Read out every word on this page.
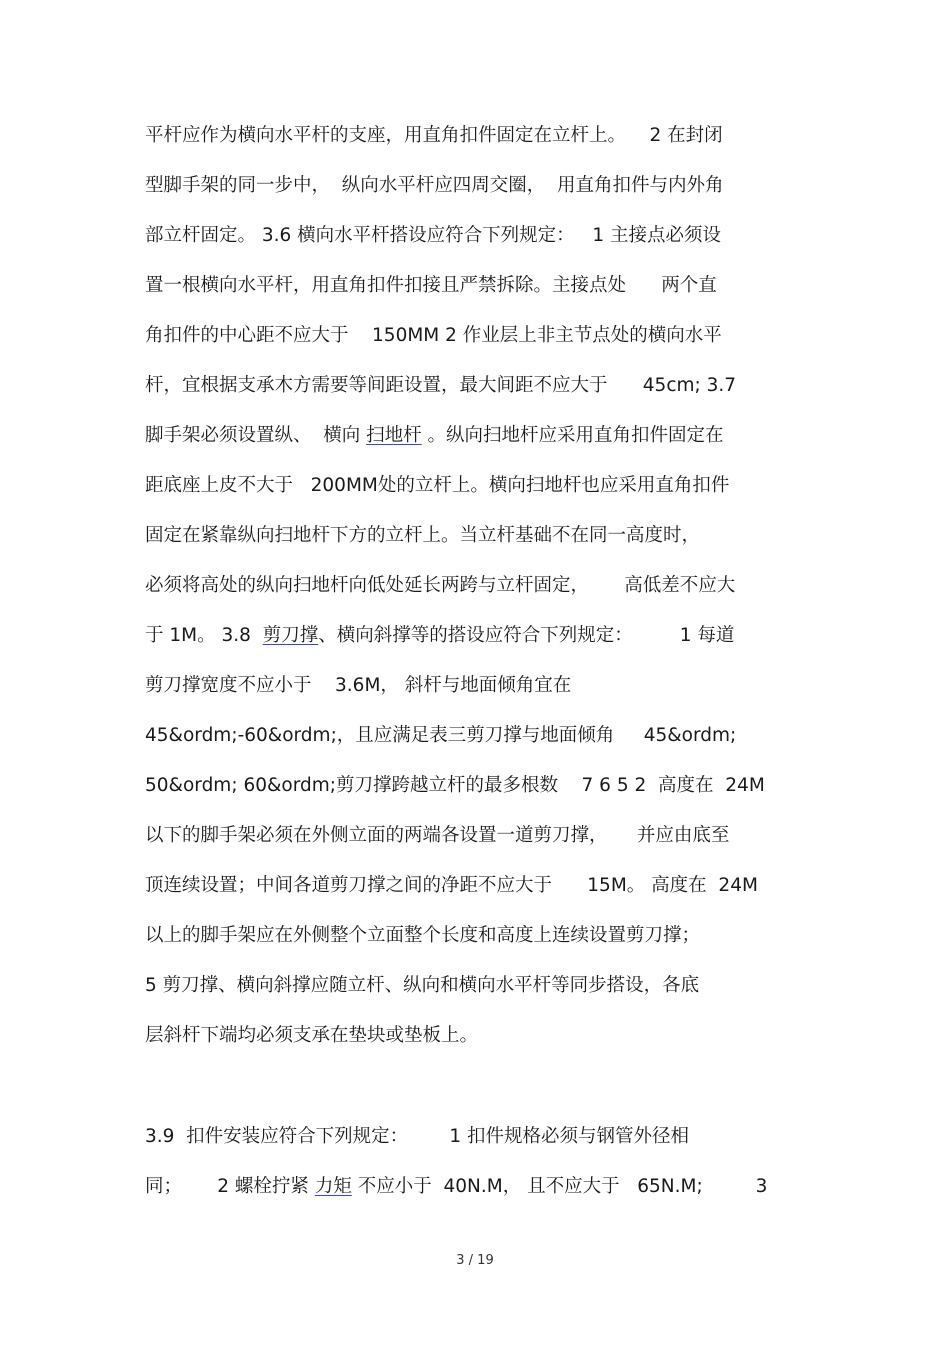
平杆应作为横向水平杆的支座，用直角扣件固定在立杆上。    2 在封闭
型脚手架的同一步中，  纵向水平杆应四周交圈，  用直角扣件与内外角
部立杆固定。 3.6 横向水平杆搭设应符合下列规定：   1 主接点必须设
置一根横向水平杆，用直角扣件扣接且严禁拆除。主接点处      两个直
角扣件的中心距不应大于    150MM 2 作业层上非主节点处的横向水平
杆，宜根据支承木方需要等间距设置，最大间距不应大于      45cm; 3.7
脚手架必须设置纵、  横向 扫地杆 。纵向扫地杆应采用直角扣件固定在
距底座上皮不大于   200MM处的立杆上。横向扫地杆也应采用直角扣件
固定在紧靠纵向扫地杆下方的立杆上。当立杆基础不在同一高度时，
必须将高处的纵向扫地杆向低处延长两跨与立杆固定，      高低差不应大
于 1M。 3.8  剪刀撑、横向斜撑等的搭设应符合下列规定：        1 每道
剪刀撑宽度不应小于    3.6M， 斜杆与地面倾角宜在
45&ordm;-60&ordm;，且应满足表三剪刀撑与地面倾角     45&ordm;
50&ordm; 60&ordm;剪刀撑跨越立杆的最多根数    7 6 5 2  高度在  24M
以下的脚手架必须在外侧立面的两端各设置一道剪刀撑，     并应由底至
顶连续设置；中间各道剪刀撑之间的净距不应大于      15M。 高度在  24M
以上的脚手架应在外侧整个立面整个长度和高度上连续设置剪刀撑；
5 剪刀撑、横向斜撑应随立杆、纵向和横向水平杆等同步搭设，各底
层斜杆下端均必须支承在垫块或垫板上。
3.9  扣件安装应符合下列规定：       1 扣件规格必须与钢管外径相
同；      2 螺栓拧紧 力矩 不应小于  40N.M， 且不应大于   65N.M;         3
3 / 19
